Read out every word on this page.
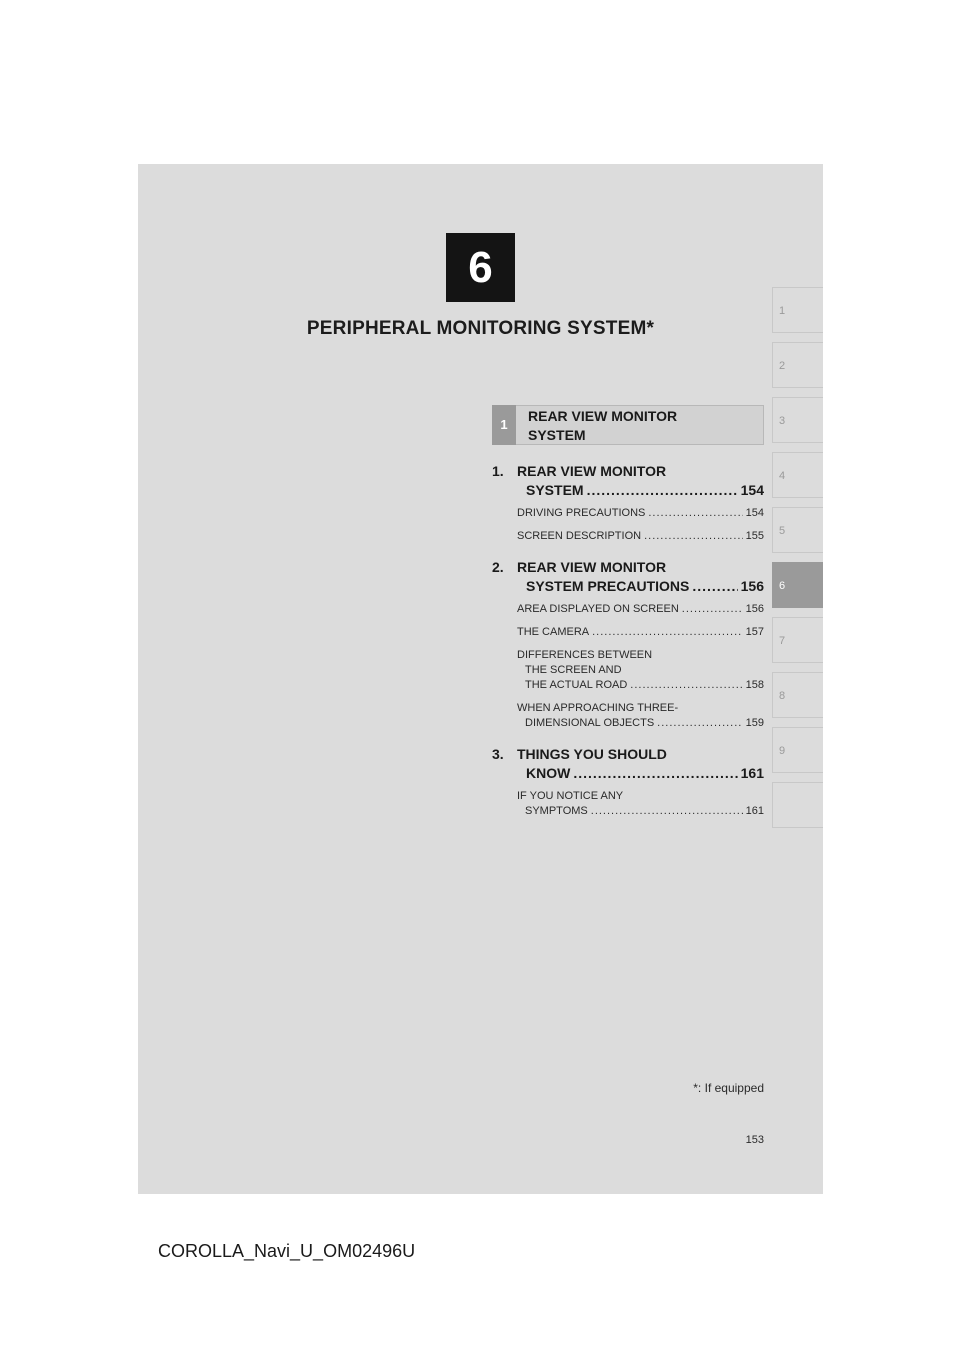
6
PERIPHERAL MONITORING SYSTEM*
1
2
3
4
5
6
7
8
9
1
REAR VIEW MONITOR SYSTEM
1. REAR VIEW MONITOR
SYSTEM .....	154
DRIVING PRECAUTIONS .....	154
SCREEN DESCRIPTION .....	155
2. REAR VIEW MONITOR
SYSTEM PRECAUTIONS .....	156
AREA DISPLAYED ON SCREEN .....	156
THE CAMERA .....	157
DIFFERENCES BETWEEN
THE SCREEN AND
THE ACTUAL ROAD .....	158
WHEN APPROACHING THREE-
DIMENSIONAL OBJECTS .....	159
3. THINGS YOU SHOULD
KNOW .....	161
IF YOU NOTICE ANY
SYMPTOMS .....	161
*: If equipped
153
COROLLA_Navi_U_OM02496U
